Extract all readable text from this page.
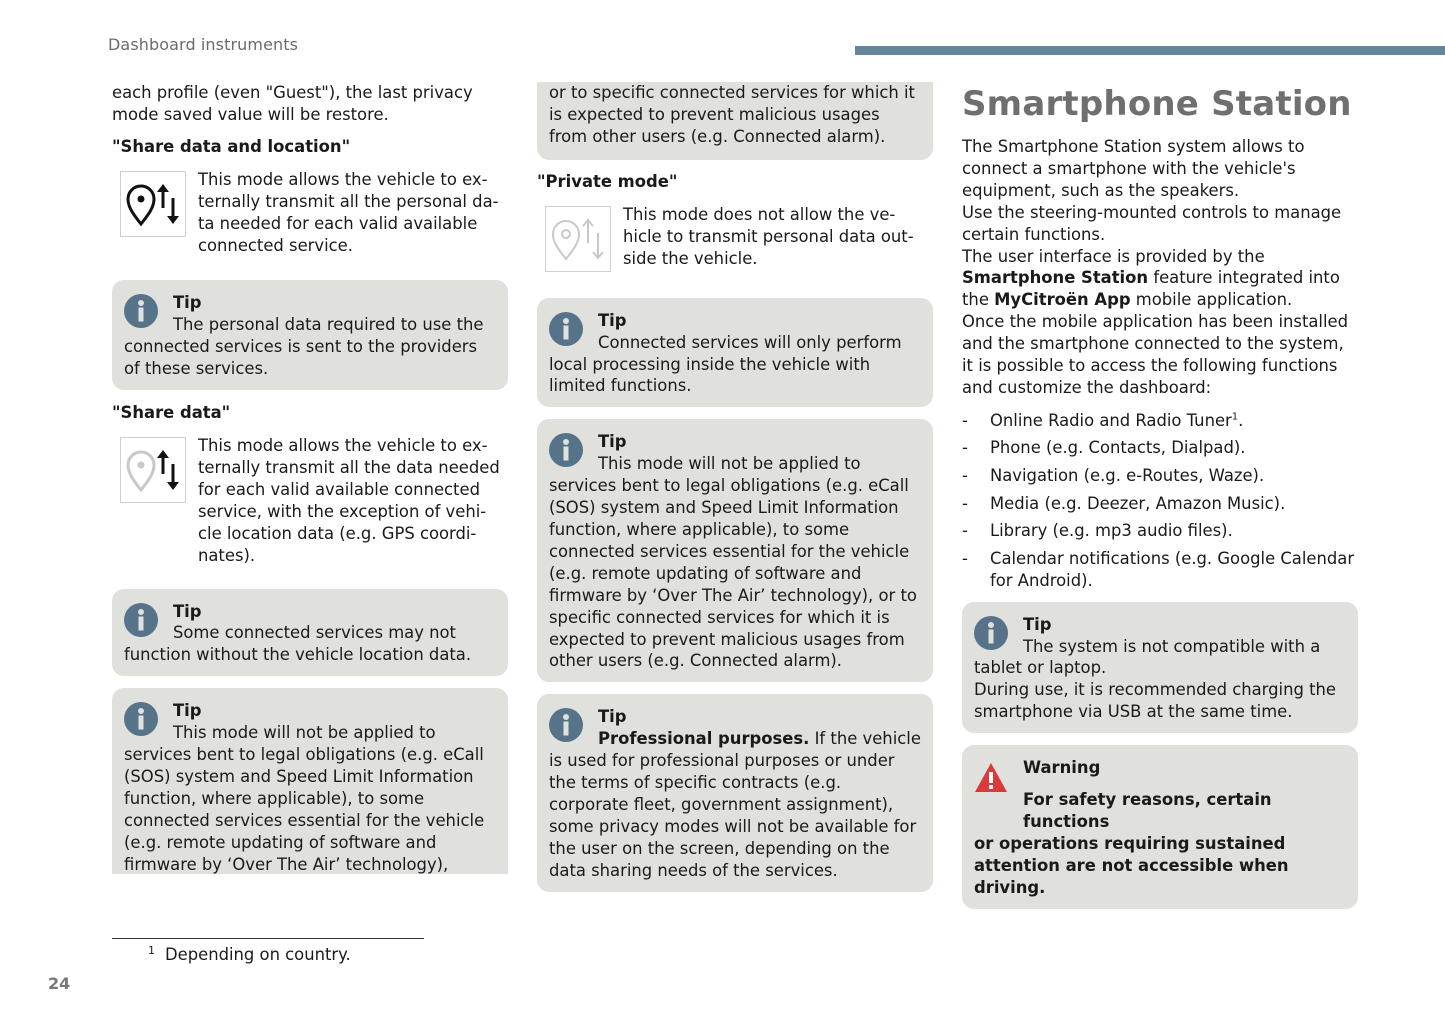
Dashboard instruments

each profile (even "Guest"), the last privacy mode saved value will be restore.

"Share data and location"
This mode allows the vehicle to ex-ternally transmit all the personal da-ta needed for each valid available connected service.
Tip
The personal data required to use the
connected services is sent to the providers of these services.
"Share data"
This mode allows the vehicle to ex-ternally transmit all the data needed for each valid available connected service, with the exception of vehi-cle location data (e.g. GPS coordi-nates).
Tip
Some connected services may not
function without the vehicle location data.
Tip
This mode will not be applied to
services bent to legal obligations (e.g. eCall (SOS) system and Speed Limit Information function, where applicable), to some connected services essential for the vehicle (e.g. remote updating of software and firmware by ‘Over The Air’ technology),
or to specific connected services for which it is expected to prevent malicious usages from other users (e.g. Connected alarm).
"Private mode"
This mode does not allow the ve-hicle to transmit personal data out-side the vehicle.
Tip
Connected services will only perform
local processing inside the vehicle with limited functions.
Tip
This mode will not be applied to
services bent to legal obligations (e.g. eCall (SOS) system and Speed Limit Information function, where applicable), to some connected services essential for the vehicle (e.g. remote updating of software and firmware by ‘Over The Air’ technology), or to specific connected services for which it is expected to prevent malicious usages from other users (e.g. Connected alarm).
Tip
Professional purposes. If the vehicle
is used for professional purposes or under the terms of specific contracts (e.g. corporate fleet, government assignment), some privacy modes will not be available for the user on the screen, depending on the data sharing needs of the services.
Smartphone Station

The Smartphone Station system allows to connect a smartphone with the vehicle's equipment, such as the speakers.

Use the steering-mounted controls to manage certain functions.

The user interface is provided by the Smartphone Station feature integrated into the MyCitroën App mobile application.

Once the mobile application has been installed and the smartphone connected to the system, it is possible to access the following functions and customize the dashboard:

- Online Radio and Radio Tuner$^1$.
- Phone (e.g. Contacts, Dialpad).
- Navigation (e.g. e-Routes, Waze).
- Media (e.g. Deezer, Amazon Music).
- Library (e.g. mp3 audio files).
- Calendar notifications (e.g. Google Calendar for Android).
Tip
The system is not compatible with a
tablet or laptop.
During use, it is recommended charging the smartphone via USB at the same time.
Warning
For safety reasons, certain functions
or operations requiring sustained attention are not accessible when driving.
$^1$ Depending on country.
24
